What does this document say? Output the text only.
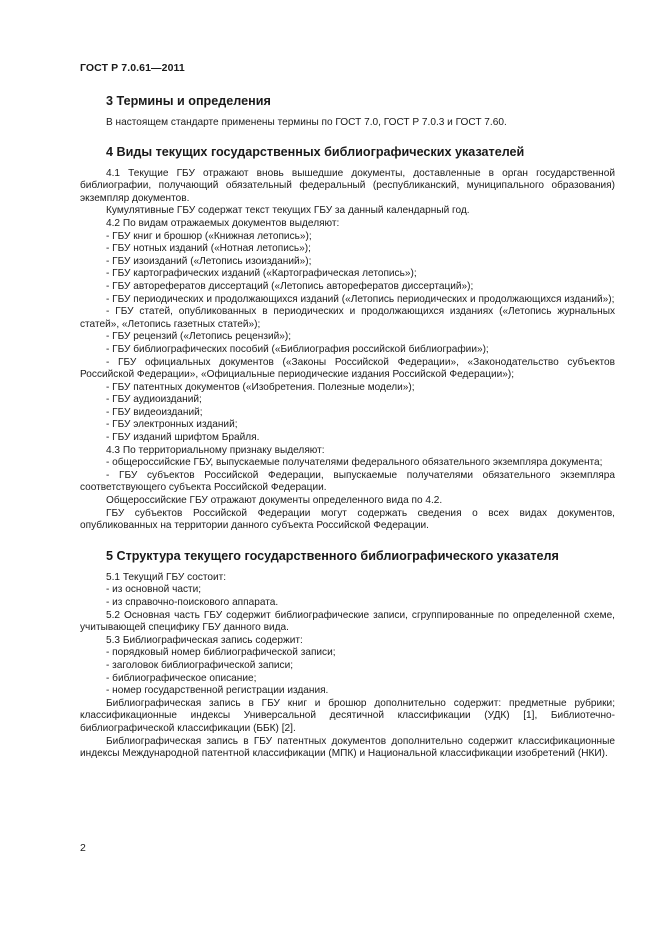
ГОСТ Р 7.0.61—2011
3 Термины и определения

В настоящем стандарте применены термины по ГОСТ 7.0, ГОСТ Р 7.0.3 и ГОСТ 7.60.

4 Виды текущих государственных библиографических указателей

4.1 Текущие ГБУ отражают вновь вышедшие документы, доставленные в орган государственной библиографии, получающий обязательный федеральный (республиканский, муниципального образования) экземпляр документов.

Кумулятивные ГБУ содержат текст текущих ГБУ за данный календарный год.

4.2 По видам отражаемых документов выделяют:

- ГБУ книг и брошюр («Книжная летопись»);

- ГБУ нотных изданий («Нотная летопись»);

- ГБУ изоизданий («Летопись изоизданий»);

- ГБУ картографических изданий («Картографическая летопись»);

- ГБУ авторефератов диссертаций («Летопись авторефератов диссертаций»);

- ГБУ периодических и продолжающихся изданий («Летопись периодических и продолжающихся изданий»);

- ГБУ статей, опубликованных в периодических и продолжающихся изданиях («Летопись журнальных статей», «Летопись газетных статей»);

- ГБУ рецензий («Летопись рецензий»);

- ГБУ библиографических пособий («Библиография российской библиографии»);

- ГБУ официальных документов («Законы Российской Федерации», «Законодательство субъектов Российской Федерации», «Официальные периодические издания Российской Федерации»);

- ГБУ патентных документов («Изобретения. Полезные модели»);

- ГБУ аудиоизданий;

- ГБУ видеоизданий;

- ГБУ электронных изданий;

- ГБУ изданий шрифтом Брайля.

4.3 По территориальному признаку выделяют:

- общероссийские ГБУ, выпускаемые получателями федерального обязательного экземпляра документа;

- ГБУ субъектов Российской Федерации, выпускаемые получателями обязательного экземпляра соответствующего субъекта Российской Федерации.

Общероссийские ГБУ отражают документы определенного вида по 4.2.

ГБУ субъектов Российской Федерации могут содержать сведения о всех видах документов, опубликованных на территории данного субъекта Российской Федерации.

5 Структура текущего государственного библиографического указателя

5.1 Текущий ГБУ состоит:

- из основной части;

- из справочно-поискового аппарата.

5.2 Основная часть ГБУ содержит библиографические записи, сгруппированные по определенной схеме, учитывающей специфику ГБУ данного вида.

5.3 Библиографическая запись содержит:

- порядковый номер библиографической записи;

- заголовок библиографической записи;

- библиографическое описание;

- номер государственной регистрации издания.

Библиографическая запись в ГБУ книг и брошюр дополнительно содержит: предметные рубрики; классификационные индексы Универсальной десятичной классификации (УДК) [1], Библиотечно-библиографической классификации (ББК) [2].

Библиографическая запись в ГБУ патентных документов дополнительно содержит классификационные индексы Международной патентной классификации (МПК) и Национальной классификации изобретений (НКИ).

2
